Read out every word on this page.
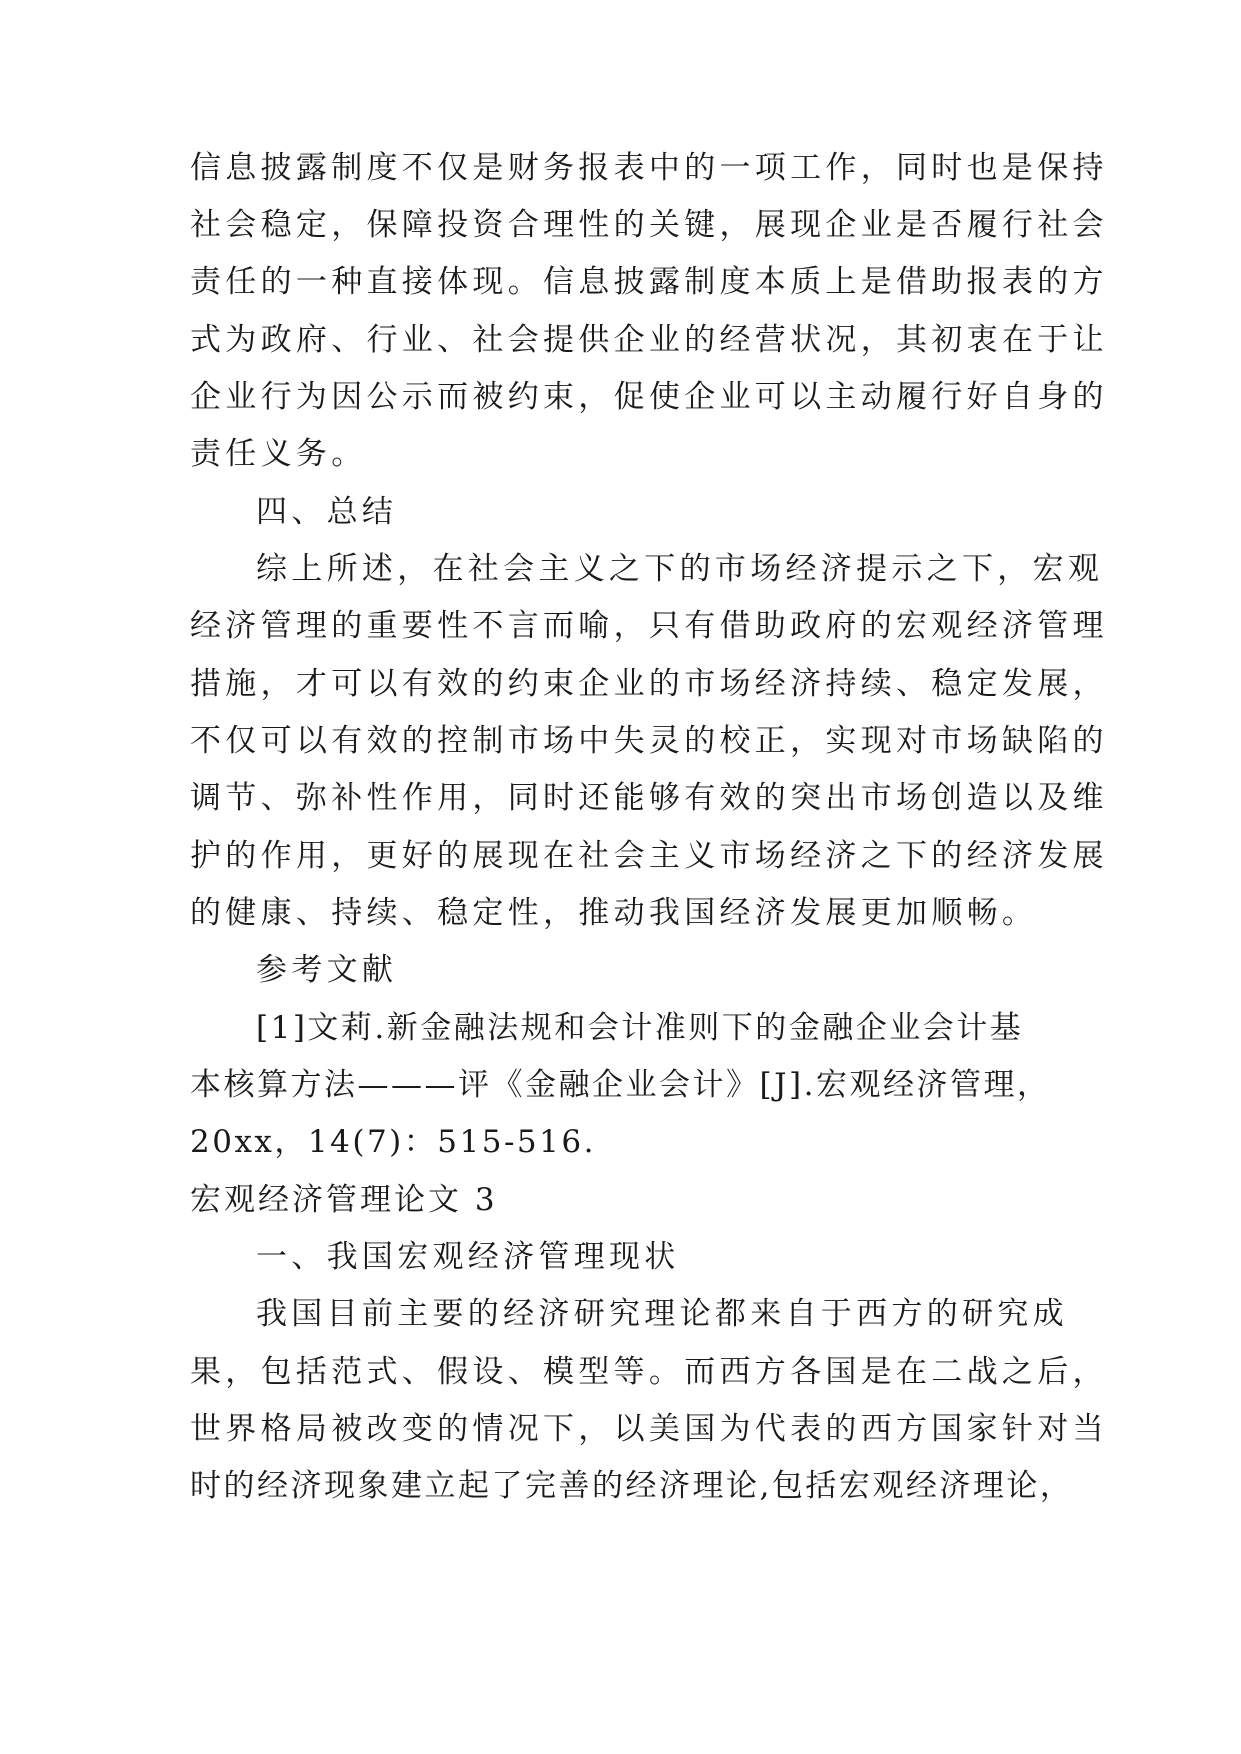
信息披露制度不仅是财务报表中的一项工作，同时也是保持
社会稳定，保障投资合理性的关键，展现企业是否履行社会
责任的一种直接体现。信息披露制度本质上是借助报表的方
式为政府、行业、社会提供企业的经营状况，其初衷在于让
企业行为因公示而被约束，促使企业可以主动履行好自身的
责任义务。
四、总结
综上所述，在社会主义之下的市场经济提示之下，宏观
经济管理的重要性不言而喻，只有借助政府的宏观经济管理
措施，才可以有效的约束企业的市场经济持续、稳定发展，
不仅可以有效的控制市场中失灵的校正，实现对市场缺陷的
调节、弥补性作用，同时还能够有效的突出市场创造以及维
护的作用，更好的展现在社会主义市场经济之下的经济发展
的健康、持续、稳定性，推动我国经济发展更加顺畅。
参考文献
[1]文莉.新金融法规和会计准则下的金融企业会计基
本核算方法———评《金融企业会计》[J].宏观经济管理，
20xx，14(7)：515-516.
宏观经济管理论文 3
一、我国宏观经济管理现状
我国目前主要的经济研究理论都来自于西方的研究成
果，包括范式、假设、模型等。而西方各国是在二战之后，
世界格局被改变的情况下，以美国为代表的西方国家针对当
时的经济现象建立起了完善的经济理论,包括宏观经济理论，
